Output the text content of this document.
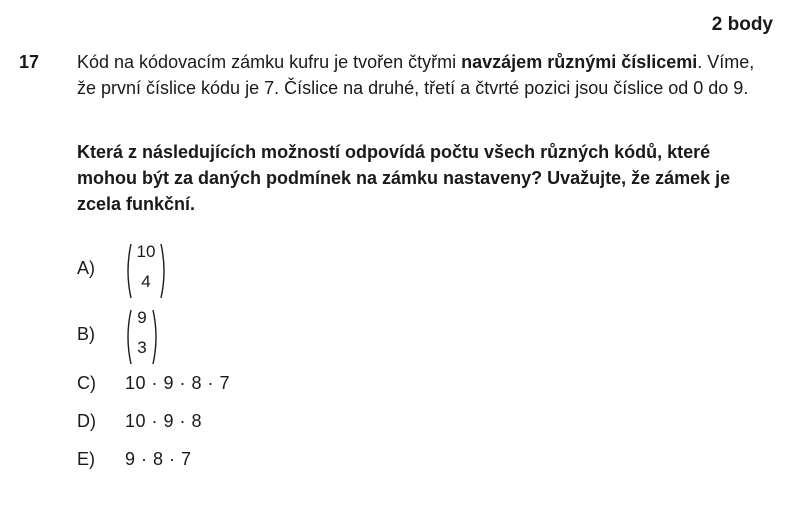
2 body
17 Kód na kódovacím zámku kufru je tvořen čtyřmi navzájem různými číslicemi. Víme, že první číslice kódu je 7. Číslice na druhé, třetí a čtvrté pozici jsou číslice od 0 do 9.
Která z následujících možností odpovídá počtu všech různých kódů, které mohou být za daných podmínek na zámku nastaveny? Uvažujte, že zámek je zcela funkční.
A)
10
4
B)
9
3
C) 10 · 9 · 8 · 7
D) 10 · 9 · 8
E) 9 · 8 · 7
